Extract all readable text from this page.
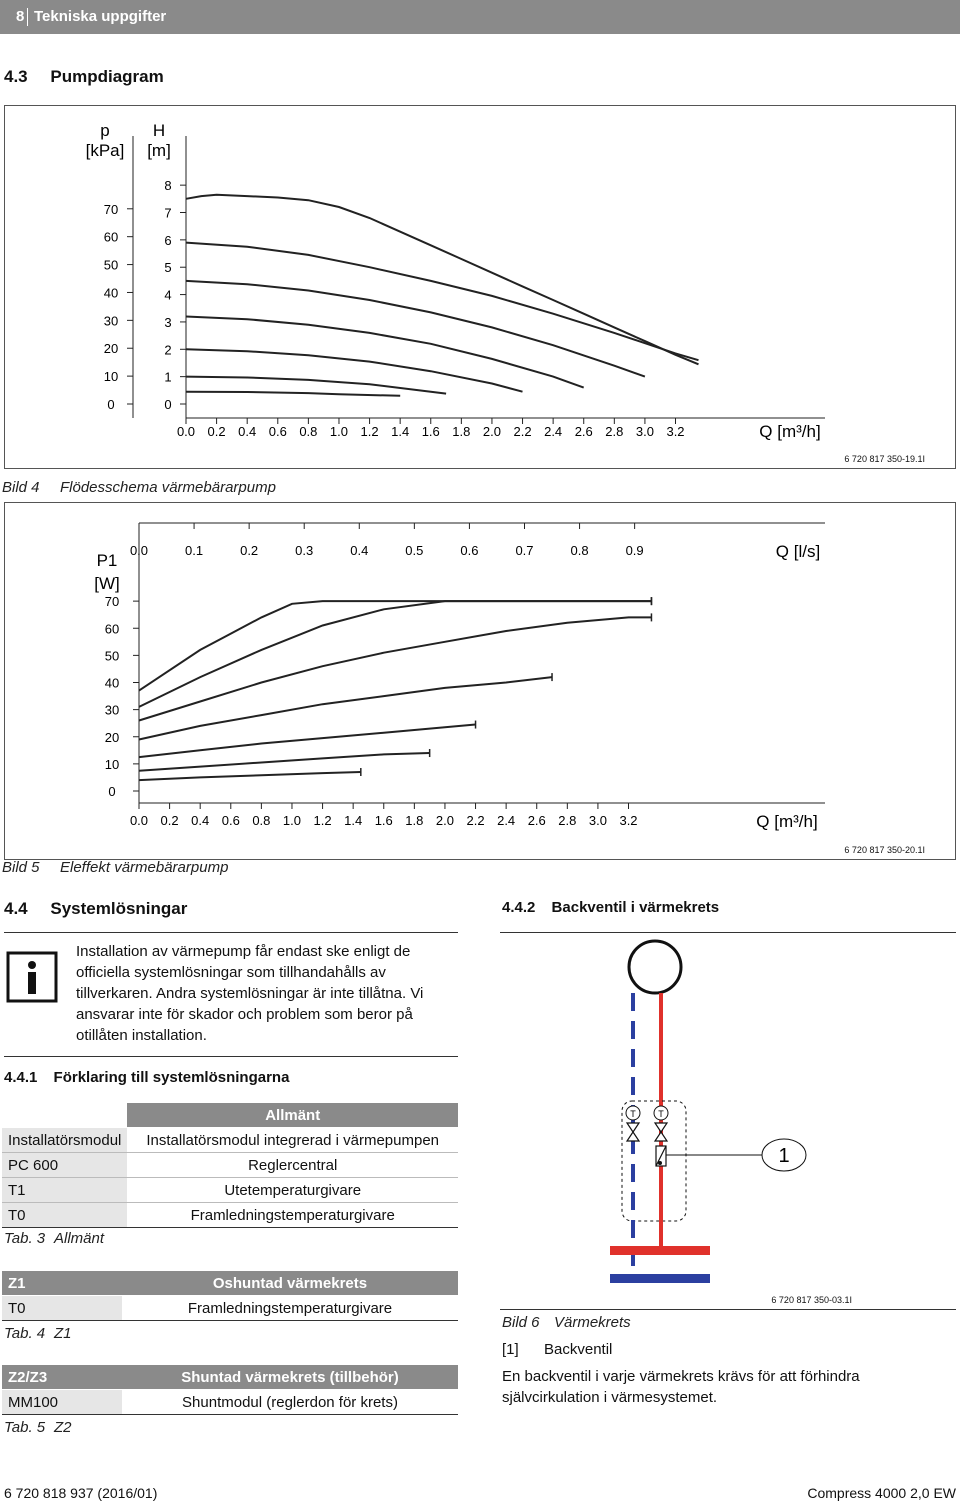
8 Tekniska uppgifter
4.3 Pumpdiagram
0.0 0.2 0.4 0.6 0.8 1.0 1.2 1.4 1.6 1.8 2.0 2.2 2.4 2.6 2.8 3.0 3.2	Q [m³/h]
0
1
2
3
4
5
6
7
8
0
10
20
30
40
50
60
70
H
[m]
p
[kPa]
6 720 817 350-19.1I
Bild 4 Flödesschema värmebärarpump
0.0 0.2 0.4 0.6 0.8 1.0 1.2 1.4 1.6 1.8 2.0 2.2 2.4 2.6 2.8 3.0 3.2	Q [m³/h]
0.0	0.1	0.2	0.3	0.4	0.5	0.6	0.7	0.8	0.9	Q [l/s]
0
10
20
30
40
50
60
70
P1
[W]
6 720 817 350-20.1I
Bild 5 Eleffekt värmebärarpump
4.4 Systemlösningar
Installation av värmepump får endast ske enligt de officiella systemlösningar som tillhandahålls av tillverkaren. Andra systemlösningar är inte tillåtna. Vi ansvarar inte för skador och problem som beror på otillåten installation.
4.4.1 Förklaring till systemlösningarna
	Allmänt
Installatörsmodul	Installatörsmodul integrerad i värmepumpen
PC 600	Reglercentral
T1	Utetemperaturgivare
T0	Framledningstemperaturgivare
Tab. 3 Allmänt
Z1	Oshuntad värmekrets
T0	Framledningstemperaturgivare
Tab. 4 Z1
Z2/Z3	Shuntad värmekrets (tillbehör)
MM100	Shuntmodul (reglerdon för krets)
Tab. 5 Z2
4.4.2 Backventil i värmekrets
T	T
1
6 720 817 350-03.1I
Bild 6 Värmekrets
[1] Backventil
En backventil i varje värmekrets krävs för att förhindra självcirkulation i värmesystemet.
6 720 818 937 (2016/01)	Compress 4000 2,0 EW
